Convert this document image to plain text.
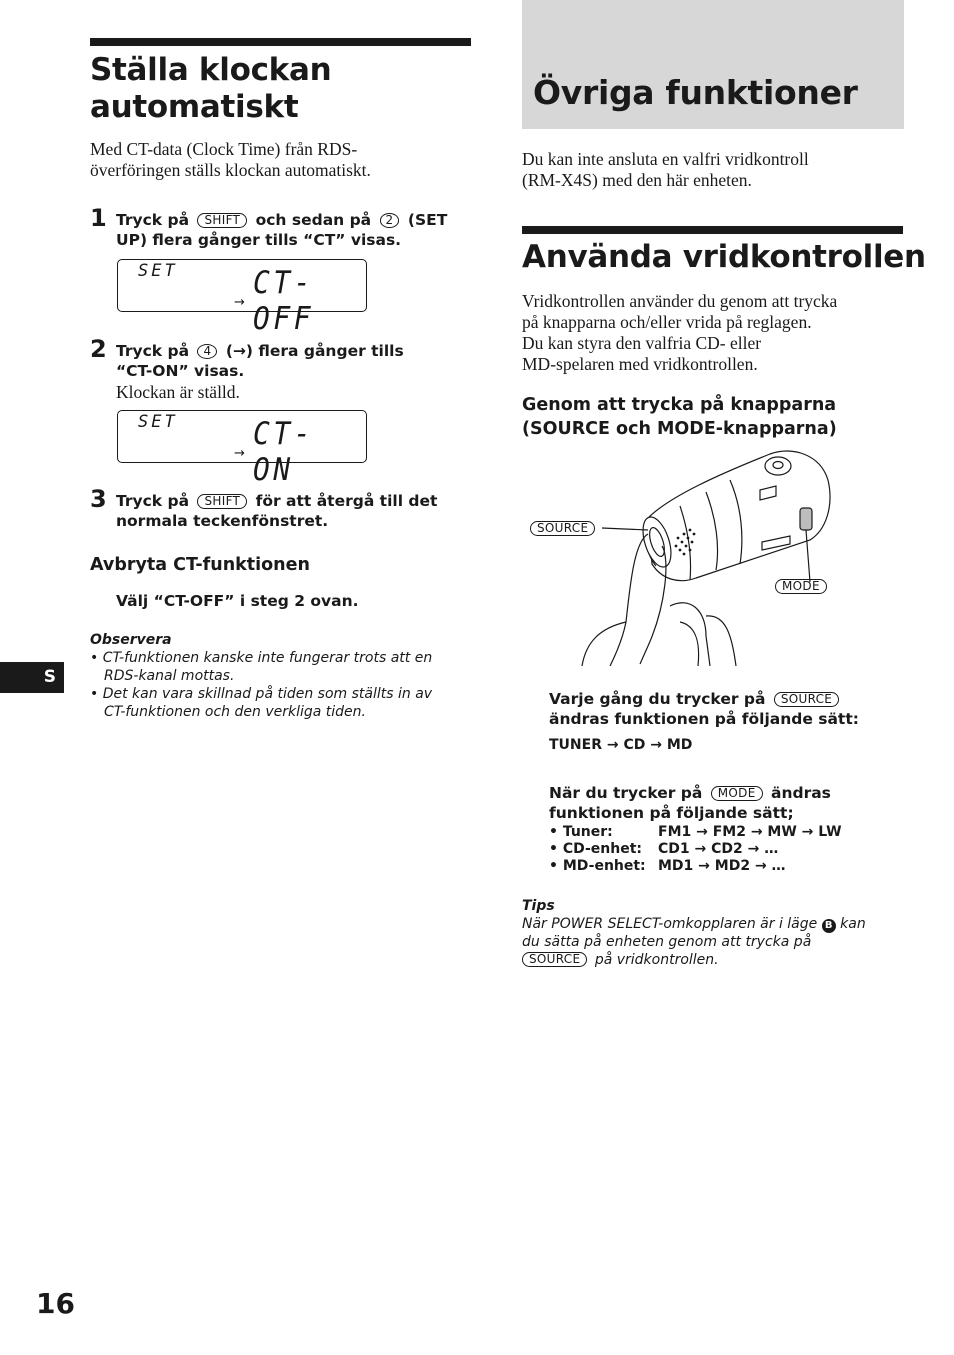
Ställa klockan
automatiskt
Med CT-data (Clock Time) från RDS-
överföringen ställs klockan automatiskt.
1 Tryck på SHIFT och sedan på 2 (SET
UP) flera gånger tills “CT” visas.
SET CT-OFF
→
2 Tryck på 4 (→) flera gånger tills
“CT-ON” visas.
Klockan är ställd.
SET CT-ON
→
3 Tryck på SHIFT för att återgå till det
normala teckenfönstret.
Avbryta CT-funktionen
Välj “CT-OFF” i steg 2 ovan.
Observera
• CT-funktionen kanske inte fungerar trots att en
RDS-kanal mottas.
• Det kan vara skillnad på tiden som ställts in av
CT-funktionen och den verkliga tiden.
S
16
Övriga funktioner
Du kan inte ansluta en valfri vridkontroll
(RM-X4S) med den här enheten.
Använda vridkontrollen
Vridkontrollen använder du genom att trycka
på knapparna och/eller vrida på reglagen.
Du kan styra den valfria CD- eller
MD-spelaren med vridkontrollen.
Genom att trycka på knapparna
(SOURCE och MODE-knapparna)
SOURCE
MODE
Varje gång du trycker på SOURCE
ändras funktionen på följande sätt:
TUNER → CD → MD
När du trycker på MODE ändras
funktionen på följande sätt;
• Tuner:	FM1 → FM2 → MW → LW
• CD-enhet: CD1 → CD2 → …
• MD-enhet: MD1 → MD2 → …
Tips
När POWER SELECT-omkopplaren är i läge B kan
du sätta på enheten genom att trycka på
SOURCE på vridkontrollen.
